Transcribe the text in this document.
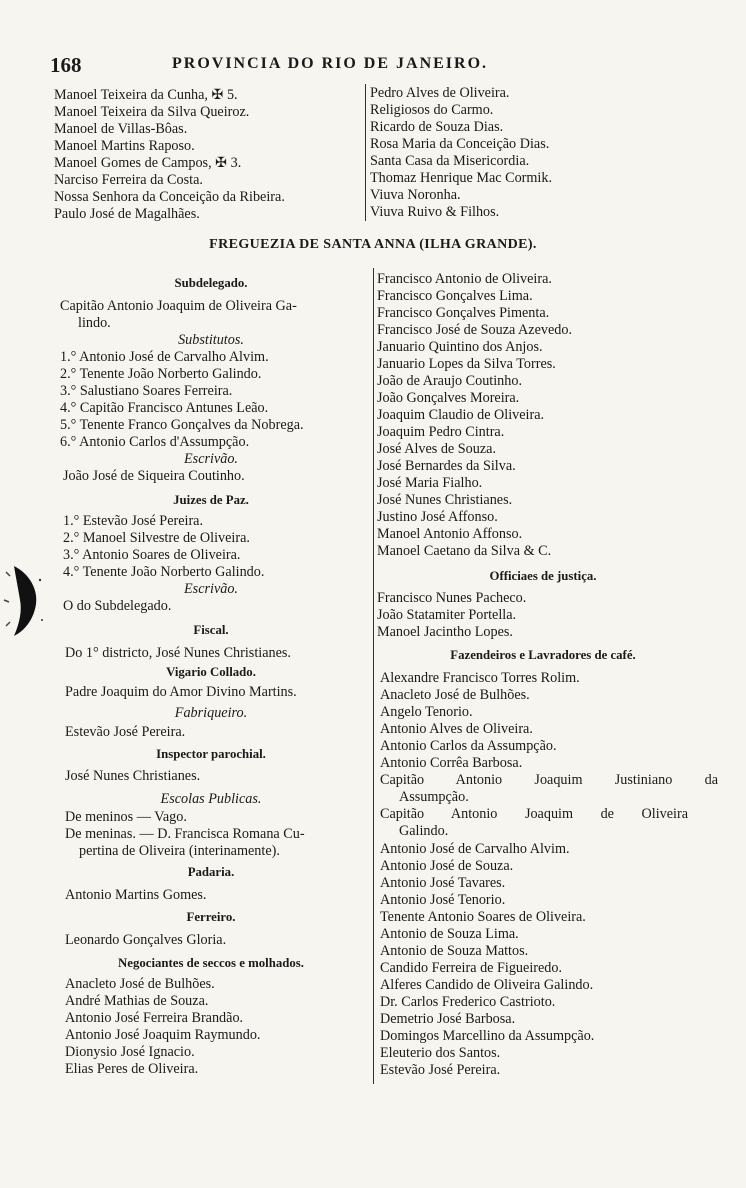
168	PROVINCIA DO RIO DE JANEIRO.
Manoel Teixeira da Cunha, ✠ 5.
Manoel Teixeira da Silva Queiroz.
Manoel de Villas-Bôas.
Manoel Martins Raposo.
Manoel Gomes de Campos, ✠ 3.
Narciso Ferreira da Costa.
Nossa Senhora da Conceição da Ribeira.
Paulo José de Magalhães.
Pedro Alves de Oliveira.
Religiosos do Carmo.
Ricardo de Souza Dias.
Rosa Maria da Conceição Dias.
Santa Casa da Misericordia.
Thomaz Henrique Mac Cormik.
Viuva Noronha.
Viuva Ruivo & Filhos.
FREGUEZIA DE SANTA ANNA (ILHA GRANDE).
Subdelegado.
Capitão Antonio Joaquim de Oliveira Ga-
lindo.
Substitutos.
1.° Antonio José de Carvalho Alvim.
2.° Tenente João Norberto Galindo.
3.° Salustiano Soares Ferreira.
4.° Capitão Francisco Antunes Leão.
5.° Tenente Franco Gonçalves da Nobrega.
6.° Antonio Carlos d'Assumpção.
Escrivão.
João José de Siqueira Coutinho.
Juizes de Paz.
1.° Estevão José Pereira.
2.° Manoel Silvestre de Oliveira.
3.° Antonio Soares de Oliveira.
4.° Tenente João Norberto Galindo.
Escrivão.
O do Subdelegado.
Fiscal.
Do 1° districto, José Nunes Christianes.
Vigario Collado.
Padre Joaquim do Amor Divino Martins.
Fabriqueiro.
Estevão José Pereira.
Inspector parochial.
José Nunes Christianes.
Escolas Publicas.
De meninos — Vago.
De meninas. — D. Francisca Romana Cu-
pertina de Oliveira (interinamente).
Padaria.
Antonio Martins Gomes.
Ferreiro.
Leonardo Gonçalves Gloria.
Negociantes de seccos e molhados.
Anacleto José de Bulhões.
André Mathias de Souza.
Antonio José Ferreira Brandão.
Antonio José Joaquim Raymundo.
Dionysio José Ignacio.
Elias Peres de Oliveira.
Francisco Antonio de Oliveira.
Francisco Gonçalves Lima.
Francisco Gonçalves Pimenta.
Francisco José de Souza Azevedo.
Januario Quintino dos Anjos.
Januario Lopes da Silva Torres.
João de Araujo Coutinho.
João Gonçalves Moreira.
Joaquim Claudio de Oliveira.
Joaquim Pedro Cintra.
José Alves de Souza.
José Bernardes da Silva.
José Maria Fialho.
José Nunes Christianes.
Justino José Affonso.
Manoel Antonio Affonso.
Manoel Caetano da Silva & C.
Officiaes de justiça.
Francisco Nunes Pacheco.
João Statamiter Portella.
Manoel Jacintho Lopes.
Fazendeiros e Lavradores de café.
Alexandre Francisco Torres Rolim.
Anacleto José de Bulhões.
Angelo Tenorio.
Antonio Alves de Oliveira.
Antonio Carlos da Assumpção.
Antonio Corrêa Barbosa.
Capitão Antonio Joaquim Justiniano da
Assumpção.
Capitão Antonio Joaquim de Oliveira
Galindo.
Antonio José de Carvalho Alvim.
Antonio José de Souza.
Antonio José Tavares.
Antonio José Tenorio.
Tenente Antonio Soares de Oliveira.
Antonio de Souza Lima.
Antonio de Souza Mattos.
Candido Ferreira de Figueiredo.
Alferes Candido de Oliveira Galindo.
Dr. Carlos Frederico Castrioto.
Demetrio José Barbosa.
Domingos Marcellino da Assumpção.
Eleuterio dos Santos.
Estevão José Pereira.
